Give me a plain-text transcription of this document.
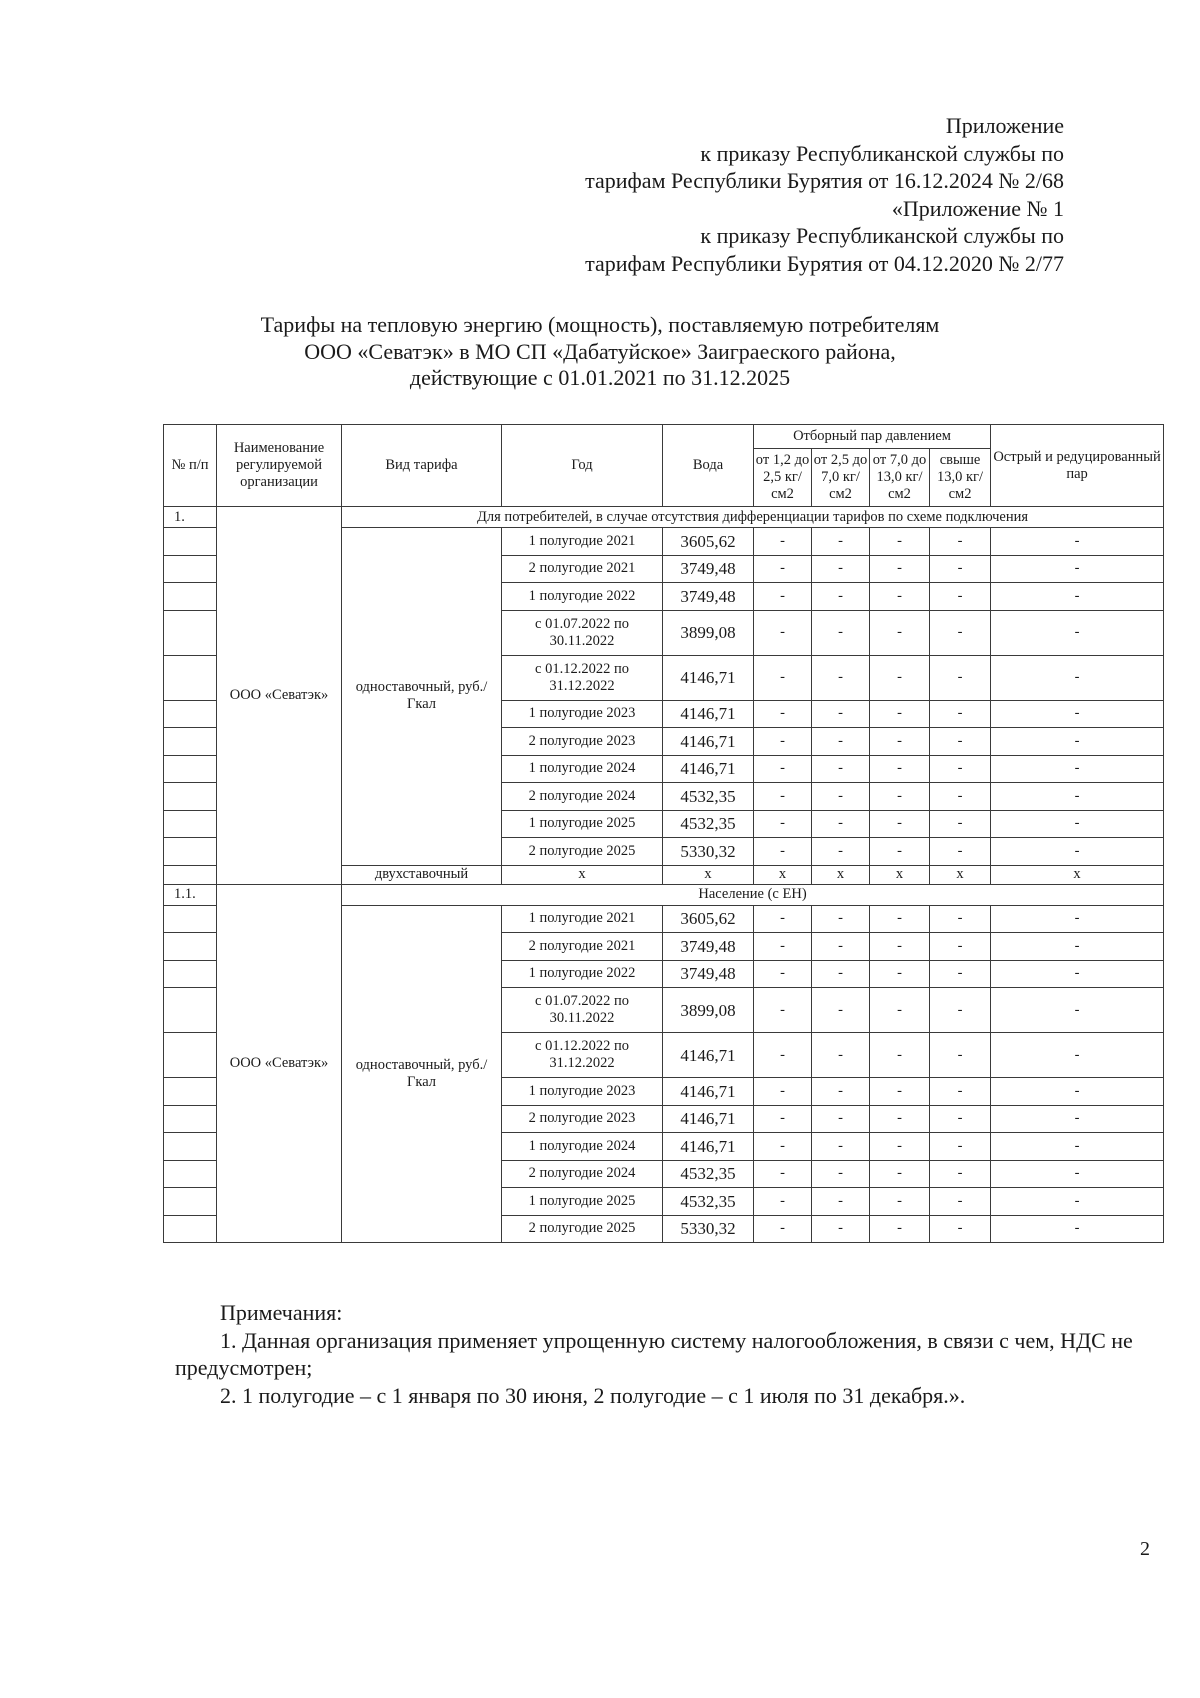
Приложение
к приказу Республиканской службы по
тарифам Республики Бурятия от 16.12.2024 № 2/68
«Приложение № 1
к приказу Республиканской службы по
тарифам Республики Бурятия от 04.12.2020 № 2/77
Тарифы на тепловую энергию (мощность), поставляемую потребителям
ООО «Севатэк» в МО СП «Дабатуйское» Заиграеского района,
действующие с 01.01.2021 по 31.12.2025
№ п/п	Наименование регулируемой организации	Вид тарифа	Год	Вода	Отборный пар давлением				Острый и редуцированный пар
					от 1,2 до 2,5 кг/см2	от 2,5 до 7,0 кг/см2	от 7,0 до 13,0 кг/см2	свыше 13,0 кг/см2	
1.	ООО «Севатэк»	Для потребителей, в случае отсутствия дифференциации тарифов по схеме подключения							
		одноставочный, руб./Гкал	1 полугодие 2021	3605,62	-	-	-	-	-
			2 полугодие 2021	3749,48	-	-	-	-	-
			1 полугодие 2022	3749,48	-	-	-	-	-
			с 01.07.2022 по 30.11.2022	3899,08	-	-	-	-	-
			с 01.12.2022 по 31.12.2022	4146,71	-	-	-	-	-
			1 полугодие 2023	4146,71	-	-	-	-	-
			2 полугодие 2023	4146,71	-	-	-	-	-
			1 полугодие 2024	4146,71	-	-	-	-	-
			2 полугодие 2024	4532,35	-	-	-	-	-
			1 полугодие 2025	4532,35	-	-	-	-	-
			2 полугодие 2025	5330,32	-	-	-	-	-
		двухставочный	x	x	x	x	x	x	x
1.1.	ООО «Севатэк»	Население (с ЕН)							
		одноставочный, руб./Гкал	1 полугодие 2021	3605,62	-	-	-	-	-
			2 полугодие 2021	3749,48	-	-	-	-	-
			1 полугодие 2022	3749,48	-	-	-	-	-
			с 01.07.2022 по 30.11.2022	3899,08	-	-	-	-	-
			с 01.12.2022 по 31.12.2022	4146,71	-	-	-	-	-
			1 полугодие 2023	4146,71	-	-	-	-	-
			2 полугодие 2023	4146,71	-	-	-	-	-
			1 полугодие 2024	4146,71	-	-	-	-	-
			2 полугодие 2024	4532,35	-	-	-	-	-
			1 полугодие 2025	4532,35	-	-	-	-	-
			2 полугодие 2025	5330,32	-	-	-	-	-
Примечания:
1. Данная организация применяет упрощенную систему налогообложения, в связи с чем, НДС не предусмотрен;
2. 1 полугодие – с 1 января по 30 июня, 2 полугодие – с 1 июля по 31 декабря.».
2
